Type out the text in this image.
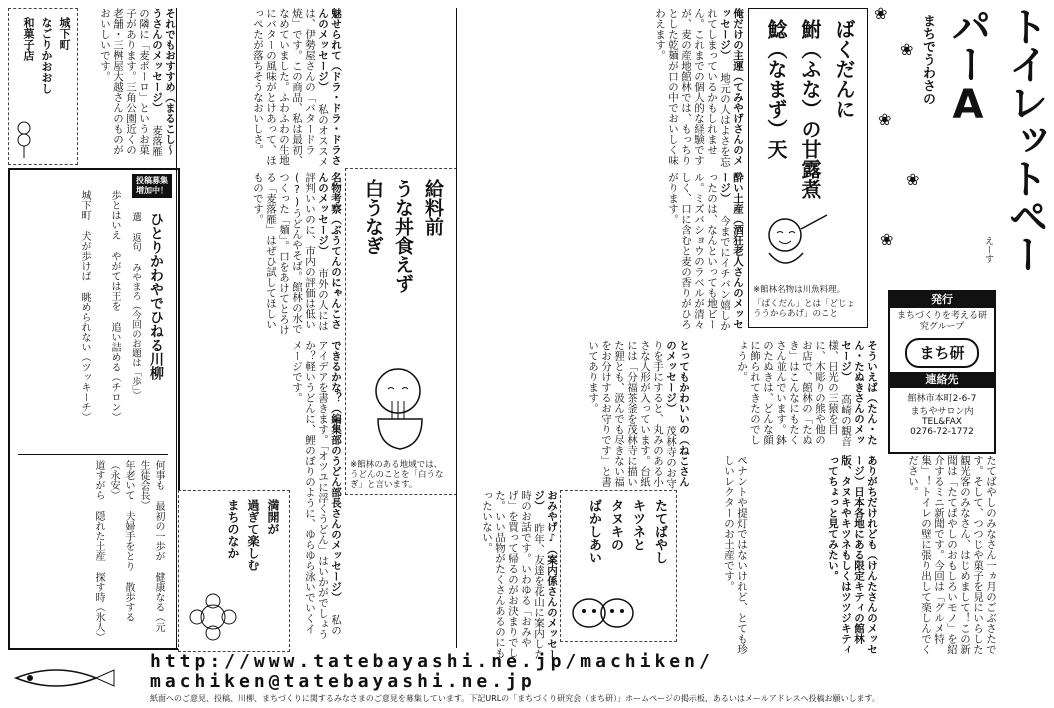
まちでうわさの	トイレットペーパーA
えーす
❀
❀
❀
❀
❀
発行
まちづくりを考える研究グループ
まち研
連絡先
館林市本町2-6-7
まちやサロン内
TEL&FAX
0276-72-1772
たてばやしのみなさん一ヵ月のごぶさたです。そして、つつじや菓子を見にいらした観光客のみなさん、はじめまして！この新聞は「たてばやしのおもしろいモノ」を紹介するミニ新聞です。今回は「グルメ特集」！トイレの壁に張り出して楽しんでください。
ありがちだけれども（けんたさんのメッセージ）日本各地にある限定キティの館林版、タヌキやキツネもしくはツツジキティってちょっと見てみたい。
ペナントや提灯ではないけれど、とても珍しいレクターのお土産です。
そういえば（たん・たん・たぬきさんのメッセージ） 高崎の観音様、日光の三猿を目に、木彫りの熊や他のお店で、館林の「たぬき」はこんなにもたくさん並んでいます。鉢のたぬきは、どんな顔に飾られてきたのでしょうか。
とってもかわいいの（ねこさんのメッセージ） 茂林寺のお守りを手にすると、丸みのある小さな人形が入っています。台紙には「分福茶釜を茂林寺に描いた狸とも、汲んでも尽きない福をお分けするお守りです」と書いてあります。
たてばやし
キツネと
タヌキの
ばかしあい
おみやげ♪（案内係さんのメッセージ） 昨年、友達を花山に案内した時のお話です。いわゆる「おみやげ」を買って帰るのがお決まりでした。いい品物がたくさんあるのにもったいない。
ばくだんに
鮒（ふな）の甘露煮
鯰（なまず）天
※館林名物は川魚料理。
「ばくだん」とは「どじょううからあげ」のこと
俺だけの主運（てみやげさんのメッセージ） 地元の人はよさを忘れてしまっているかもしれません。これまでの個人的な経験ですが、麦の産地館林では、もっちりとした乾麺が口の中でおいしく味わえます。
酔い土産（酒狂老人さんのメッセージ） 今までにイチバン嬉しかったのは、なんといっても地ビール。ミズバショウのラベルが清々しく、口に含むと麦の香りがひろがります。
給料前
うな丼食えず
白うなぎ
※館林のある地域では、うどんのことを「白うなぎ」と言います。
できるかな？（編集部のうどん部長さんのメッセージ） 私のアイデアを書きます。「オツユに浮くうどん」はいかがでしょうか？軽いうどんに、鯉のぼりのように、ゆらゆら泳いでいくイメージです。
名物考察（ぶうてんのにゃんこさんのメッセージ） 市外の人には評判いいのに、市内の評価は低い(?)うどんやそば。館林の水でつくった「麺」。口をあけてとろける「麦落雁」はぜひ試してほしいものです。
魅せられて（ドラ・ドラ・ドラさんのメッセージ） 私のオススメは、伊勢屋さんの「バタードラ焼」です。この商品、私は最初、なめていました。ふわふわの生地にバターの風味がとけあって、ほっぺたが落ちそうなおいしさ。
それでもおすすめ（まるこし〜うさんのメッセージ） 麦落雁の隣に「麦ポーロ」というお菓子があります。三角公園近くの老舗・三桝屋大越さんのものがおいしいです。
城下町
なごりかおおし
和菓子店
投稿募集 増加中！
ひとりかわやでひねる川柳
選 返句 みやまろ（今回のお題は「歩」）
歩とはいえ やがては王を 追い詰める（チロン）
城下町 犬が歩けば 眺められない（ツッキーチ）
何事も 最初の一歩が 健康なる（元生徒会長）
年老いて 夫婦手をとり 散歩する（永安）
道すがら 隠れた土産 探す時（氷人）	満開が
過ぎて楽しむ
まちのなか
http://www.tatebayashi.ne.jp/machiken/
machiken@tatebayashi.ne.jp
紙面へのご意見、投稿、川柳、まちづくりに関するみなさまのご意見を募集しています。下記URLの「まちづくり研究会（まち研）」ホームページの掲示板、あるいはメールアドレスへ投稿お願いします。
